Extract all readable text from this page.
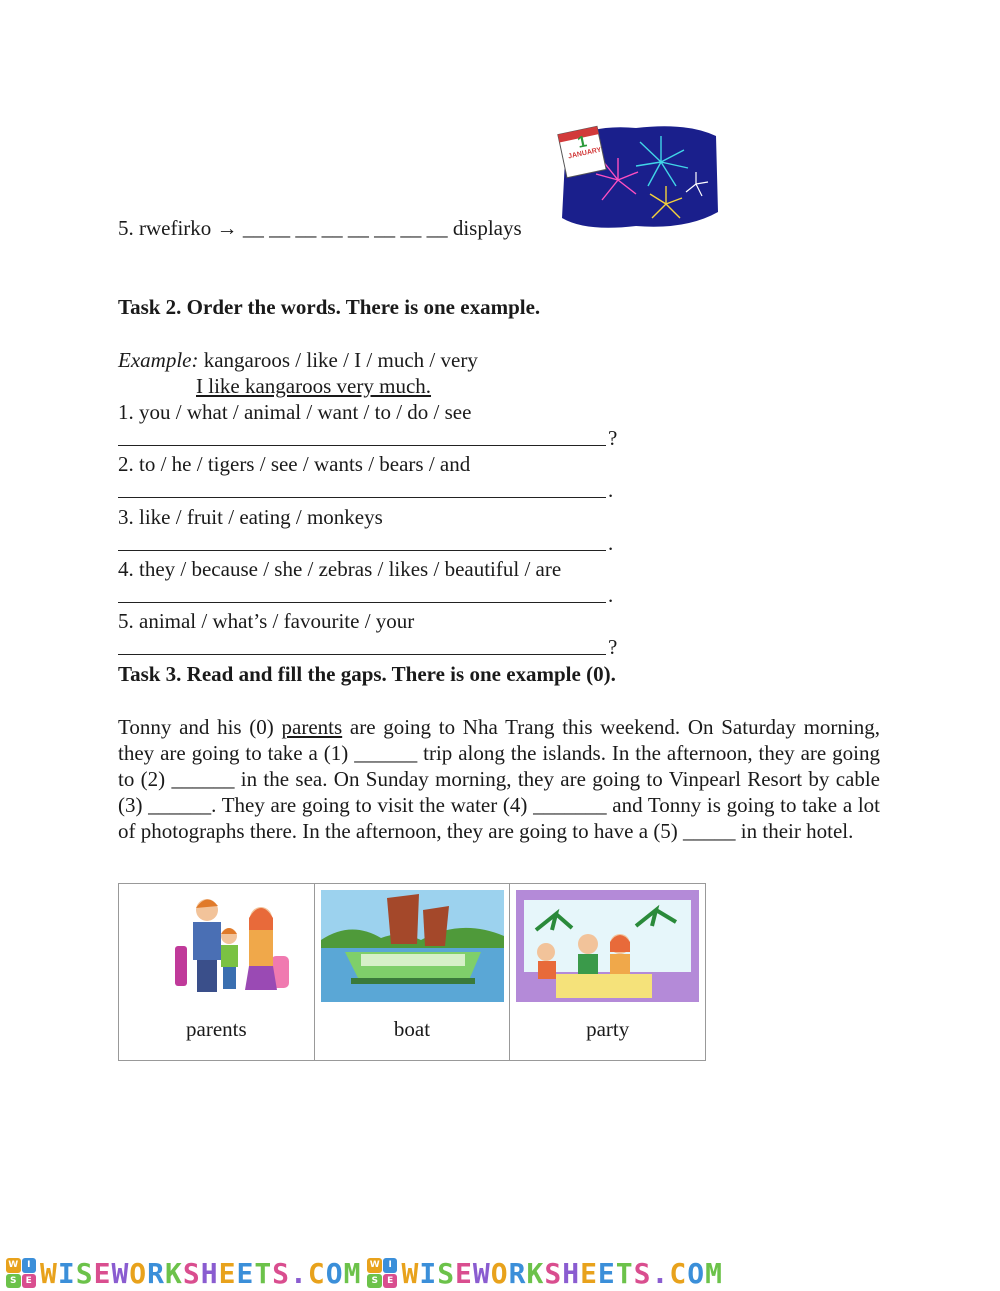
5. rwefirko → __ __ __ __ __ __ __ __ displays
1
JANUARY
Task 2. Order the words. There is one example.
Example: kangaroos / like / I / much / very
I like kangaroos very much.
1. you / what / animal / want / to / do / see
?
2. to / he / tigers / see / wants / bears / and
.
3. like / fruit / eating / monkeys
.
4. they / because / she / zebras / likes / beautiful / are
.
5. animal / what’s / favourite / your
?
Task 3. Read and fill the gaps. There is one example (0).
Tonny and his (0) parents are going to Nha Trang this weekend. On Saturday morning, they are going to take a (1) ______ trip along the islands. In the afternoon, they are going to (2) ______ in the sea. On Sunday morning, they are going to Vinpearl Resort by cable (3) ______. They are going to visit the water (4) _______ and Tonny is going to take a lot of photographs there. In the afternoon, they are going to have a (5) _____ in their hotel.
parents	boat	party
W I
S	E WISEWORKSHEETS.COM W I
S	E WISEWORKSHEETS.COM
